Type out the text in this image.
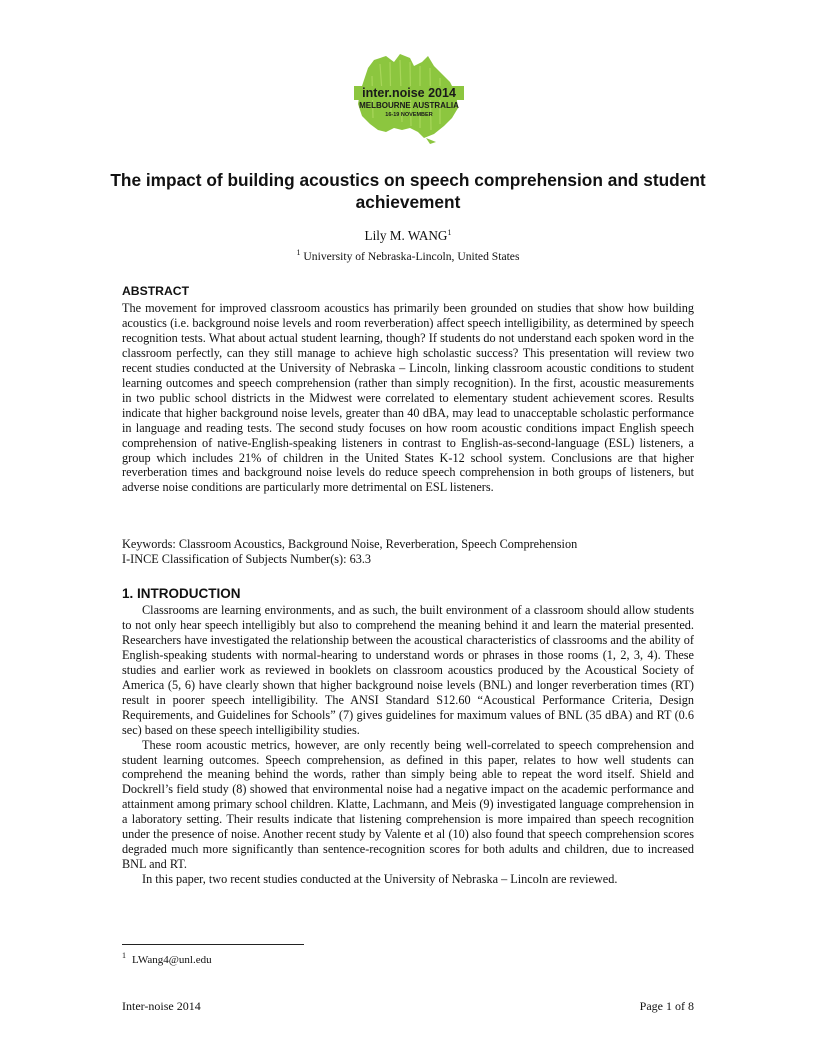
inter.noise 2014
MELBOURNE AUSTRALIA
16-19 NOVEMBER
The impact of building acoustics on speech comprehension and student achievement
Lily M. WANG$^1$
$^1$ University of Nebraska-Lincoln, United States
ABSTRACT

The movement for improved classroom acoustics has primarily been grounded on studies that show how building acoustics (i.e. background noise levels and room reverberation) affect speech intelligibility, as determined by speech recognition tests. What about actual student learning, though? If students do not understand each spoken word in the classroom perfectly, can they still manage to achieve high scholastic success? This presentation will review two recent studies conducted at the University of Nebraska – Lincoln, linking classroom acoustic conditions to student learning outcomes and speech comprehension (rather than simply recognition). In the first, acoustic measurements in two public school districts in the Midwest were correlated to elementary student achievement scores. Results indicate that higher background noise levels, greater than 40 dBA, may lead to unacceptable scholastic performance in language and reading tests. The second study focuses on how room acoustic conditions impact English speech comprehension of native-English-speaking listeners in contrast to English-as-second-language (ESL) listeners, a group which includes 21% of children in the United States K-12 school system. Conclusions are that higher reverberation times and background noise levels do reduce speech comprehension in both groups of listeners, but adverse noise conditions are particularly more detrimental on ESL listeners.

Keywords: Classroom Acoustics, Background Noise, Reverberation, Speech Comprehension
I-INCE Classification of Subjects Number(s): 63.3
1. INTRODUCTION

Classrooms are learning environments, and as such, the built environment of a classroom should allow students to not only hear speech intelligibly but also to comprehend the meaning behind it and learn the material presented. Researchers have investigated the relationship between the acoustical characteristics of classrooms and the ability of English-speaking students with normal-hearing to understand words or phrases in those rooms (1, 2, 3, 4). These studies and earlier work as reviewed in booklets on classroom acoustics produced by the Acoustical Society of America (5, 6) have clearly shown that higher background noise levels (BNL) and longer reverberation times (RT) result in poorer speech intelligibility. The ANSI Standard S12.60 “Acoustical Performance Criteria, Design Requirements, and Guidelines for Schools” (7) gives guidelines for maximum values of BNL (35 dBA) and RT (0.6 sec) based on these speech intelligibility studies.

These room acoustic metrics, however, are only recently being well-correlated to speech comprehension and student learning outcomes. Speech comprehension, as defined in this paper, relates to how well students can comprehend the meaning behind the words, rather than simply being able to repeat the word itself. Shield and Dockrell’s field study (8) showed that environmental noise had a negative impact on the academic performance and attainment among primary school children. Klatte, Lachmann, and Meis (9) investigated language comprehension in a laboratory setting. Their results indicate that listening comprehension is more impaired than speech recognition under the presence of noise. Another recent study by Valente et al (10) also found that speech comprehension scores degraded much more significantly than sentence-recognition scores for both adults and children, due to increased BNL and RT.

In this paper, two recent studies conducted at the University of Nebraska – Lincoln are reviewed.

$^1$ LWang4@unl.edu
Inter-noise 2014	Page 1 of 8
